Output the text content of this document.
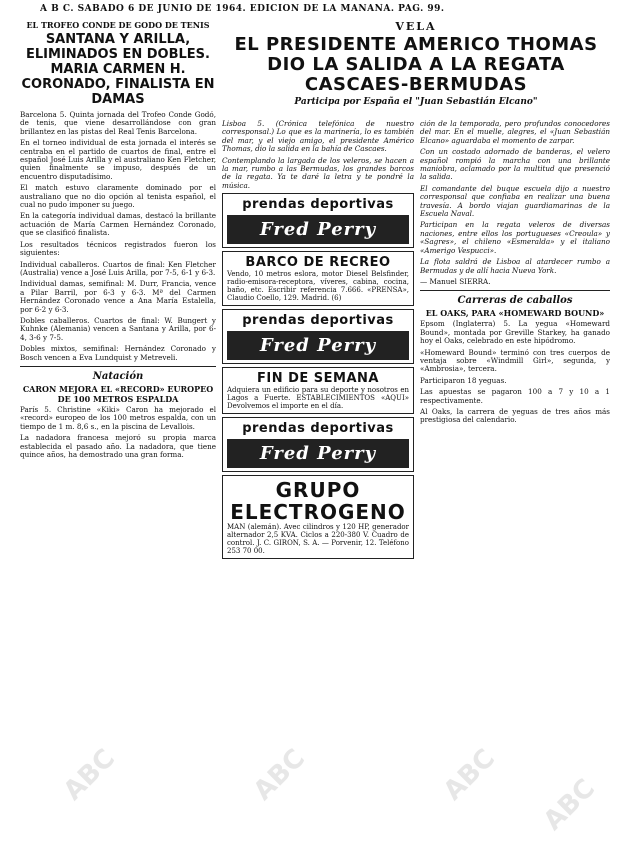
A B C. SABADO 6 DE JUNIO DE 1964. EDICION DE LA MAÑANA. PAG. 99.
EL TROFEO CONDE DE GODO DE TENIS
SANTANA Y ARILLA, ELIMINADOS EN DOBLES. MARIA CARMEN H. CORONADO, FINALISTA EN DAMAS

Barcelona 5. Quinta jornada del Trofeo Conde Godó, de tenis, que viene desarrollándose con gran brillantez en las pistas del Real Tenis Barcelona.

En el torneo individual de esta jornada el interés se centraba en el partido de cuartos de final, entre el español José Luis Arilla y el australiano Ken Fletcher, quien finalmente se impuso, después de un encuentro disputadísimo.

El match estuvo claramente dominado por el australiano que no dio opción al tenista español, el cual no pudo imponer su juego.

En la categoría individual damas, destacó la brillante actuación de María Carmen Hernández Coronado, que se clasificó finalista.

Los resultados técnicos registrados fueron los siguientes:

Individual caballeros. Cuartos de final: Ken Fletcher (Australia) vence a José Luis Arilla, por 7-5, 6-1 y 6-3.

Individual damas, semifinal: M. Durr, Francia, vence a Pilar Barril, por 6-3 y 6-3. Mª del Carmen Hernández Coronado vence a Ana María Estalella, por 6-2 y 6-3.

Dobles caballeros. Cuartos de final: W. Bungert y Kuhnke (Alemania) vencen a Santana y Arilla, por 6-4, 3-6 y 7-5.

Dobles mixtos, semifinal: Hernández Coronado y Bosch vencen a Eva Lundquist y Metreveli.

Natación
CARON MEJORA EL «RECORD» EUROPEO DE 100 METROS ESPALDA

París 5. Christine «Kiki» Caron ha mejorado el «record» europeo de los 100 metros espalda, con un tiempo de 1 m. 8,6 s., en la piscina de Levallois.

La nadadora francesa mejoró su propia marca establecida el pasado año. La nadadora, que tiene quince años, ha demostrado una gran forma.

VELA
EL PRESIDENTE AMERICO THOMAS DIO LA SALIDA A LA REGATA CASCAES-BERMUDAS
Participa por España el "Juan Sebastián Elcano"

Lisboa 5. (Crónica telefónica de nuestro corresponsal.) Lo que es la marinería, lo es también del mar, y el viejo amigo, el presidente Américo Thomas, dio la salida en la bahía de Cascaes.

Contemplando la largada de los veleros, se hacen a la mar, rumbo a las Bermudas, los grandes barcos de la regata. Ya te daré la letra y te pondré la música.

prendas deportivas
Fred Perry
BARCO DE RECREO
Vendo, 10 metros eslora, motor Diesel Belsfinder, radio-emisora-receptora, víveres, cabina, cocina, baño, etc. Escribir referencia 7.666. «PRENSA», Claudio Coello, 129. Madrid. (6)
prendas deportivas
Fred Perry
FIN DE SEMANA
Adquiera un edificio para su deporte y nosotros en Lagos a Fuerte. ESTABLECIMIENTOS «AQUI» Devolvemos el importe en el día.
prendas deportivas
Fred Perry
GRUPO ELECTROGENO
MAN (alemán). Avec cilindros y 120 HP, generador alternador 2,5 KVA. Ciclos a 220-380 V. Cuadro de control. J. C. GIRON, S. A. — Porvenir, 12. Teléfono 253 70 00.

ción de la temporada, pero profundos conocedores del mar. En el muelle, alegres, el «Juan Sebastián Elcano» aguardaba el momento de zarpar.

Con un costado adornado de banderas, el velero español rompió la marcha con una brillante maniobra, aclamado por la multitud que presenció la salida.

El comandante del buque escuela dijo a nuestro corresponsal que confiaba en realizar una buena travesía. A bordo viajan guardiamarinas de la Escuela Naval.

Participan en la regata veleros de diversas naciones, entre ellos los portugueses «Creoula» y «Sagres», el chileno «Esmeralda» y el italiano «Amerigo Vespucci».

La flota saldrá de Lisboa al atardecer rumbo a Bermudas y de allí hacia Nueva York.

— Manuel SIERRA.

Carreras de caballos
EL OAKS, PARA «HOMEWARD BOUND»

Epsom (Inglaterra) 5. La yegua «Homeward Bound», montada por Greville Starkey, ha ganado hoy el Oaks, celebrado en este hipódromo.

«Homeward Bound» terminó con tres cuerpos de ventaja sobre «Windmill Girl», segunda, y «Ambrosia», tercera.

Participaron 18 yeguas.

Las apuestas se pagaron 100 a 7 y 10 a 1 respectivamente.

Al Oaks, la carrera de yeguas de tres años más prestigiosa del calendario.

ABC	ABC	ABC ABC
